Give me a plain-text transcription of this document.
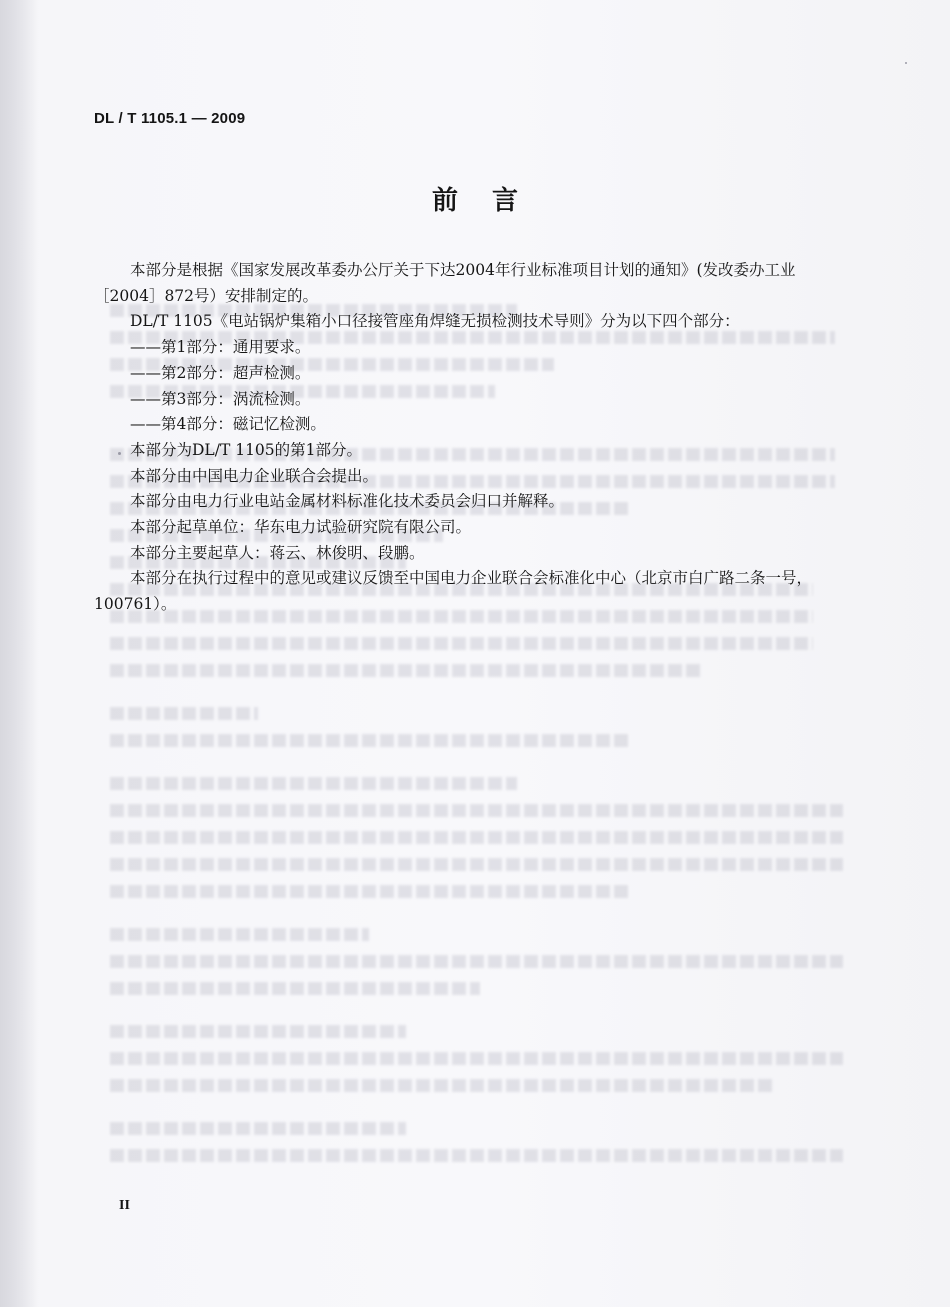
DL / T 1105.1 — 2009
前言

本部分是根据《国家发展改革委办公厅关于下达2004年行业标准项目计划的通知》(发改委办工业［2004］872号）安排制定的。

DL/T 1105《电站锅炉集箱小口径接管座角焊缝无损检测技术导则》分为以下四个部分：

——第1部分：通用要求。

——第2部分：超声检测。

——第3部分：涡流检测。

——第4部分：磁记忆检测。

本部分为DL/T 1105的第1部分。

本部分由中国电力企业联合会提出。

本部分由电力行业电站金属材料标准化技术委员会归口并解释。

本部分起草单位：华东电力试验研究院有限公司。

本部分主要起草人：蒋云、林俊明、段鹏。

本部分在执行过程中的意见或建议反馈至中国电力企业联合会标准化中心（北京市白广路二条一号，100761）。

II
